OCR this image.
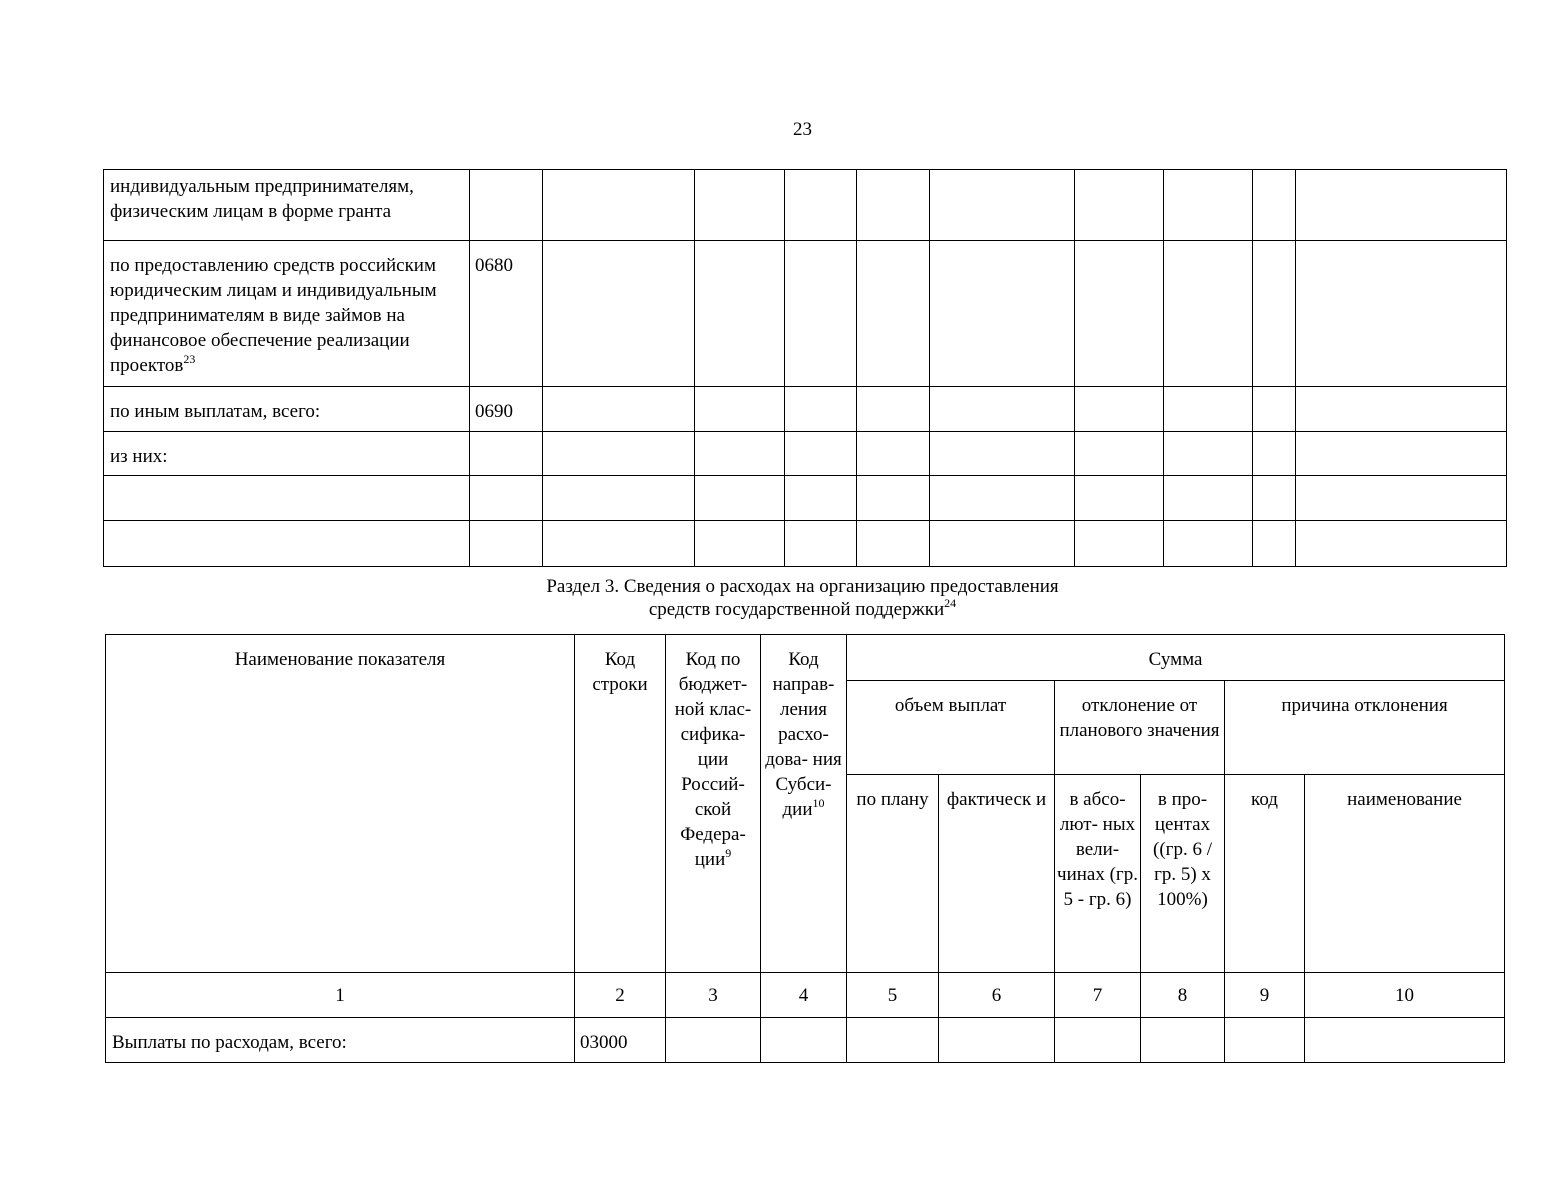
23
индивидуальным предпринимателям, физическим лицам в форме гранта										
по предоставлению средств российским юридическим лицам и индивидуальным предпринимателям в виде займов на финансовое обеспечение реализации проектов$^{23}$	0680									
по иным выплатам, всего:	0690									
из них:										

Раздел 3. Сведения о расходах на организацию предоставления
средств государственной поддержки$^{24}$
Наименование показателя	Код строки	Код по бюджет- ной клас- сифика- ции Россий- ской Федера- ции$^9$	Код направ- ления расхо- дова- ния Субси- дии$^{10}$	Сумма					
				объем выплат		отклонение от планового значения		причина отклонения	
				по плану	фактическ и	в абсо- лют- ных вели- чинах (гр. 5 - гр. 6)	в про- центах ((гр. 6 / гр. 5) х 100%)	код	наименование
1	2	3	4	5	6	7	8	9	10
Выплаты по расходам, всего:	03000								
